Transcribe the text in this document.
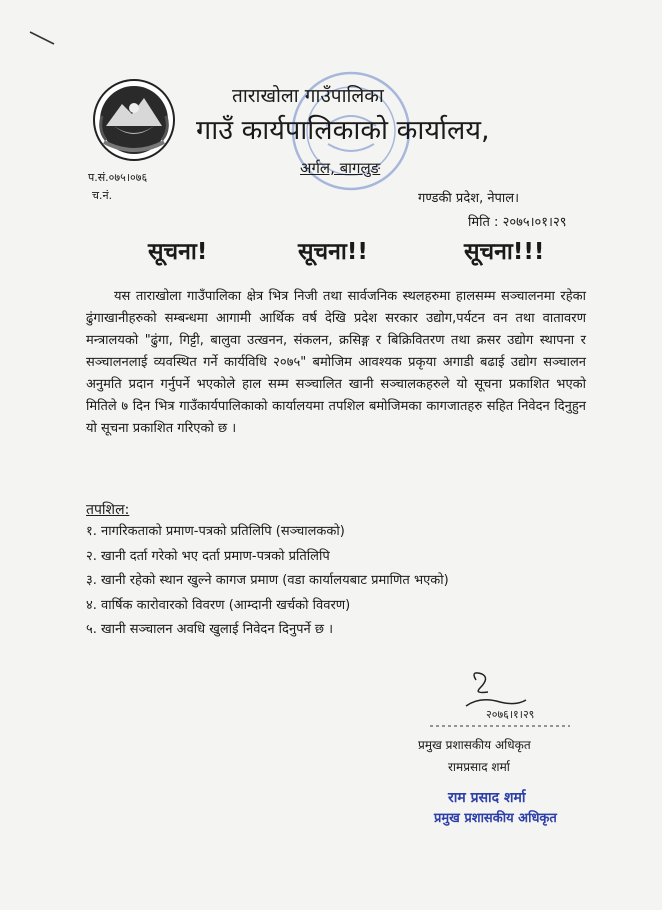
ताराखोला गाउँपालिका
गाउँ कार्यपालिकाको कार्यालय,
अर्गल, बागलुङ
प.सं.०७५।०७६
च.नं.	गण्डकी प्रदेश, नेपाल।
मिति : २०७५।०१।२९
सूचना!	सूचना!!	सूचना!!!
यस ताराखोला गाउँपालिका क्षेत्र भित्र निजी तथा सार्वजनिक स्थलहरुमा हालसम्म सञ्चालनमा रहेका ढुंगाखानीहरुको सम्बन्धमा आगामी आर्थिक वर्ष देखि प्रदेश सरकार उद्योग,पर्यटन वन तथा वातावरण मन्त्रालयको "ढुंगा, गिट्टी, बालुवा उत्खनन, संकलन, क्रसिङ्ग र बिक्रिवितरण तथा क्रसर उद्योग स्थापना र सञ्चालनलाई व्यवस्थित गर्ने कार्यविधि २०७५" बमोजिम आवश्यक प्रकृया अगाडी बढाई उद्योग सञ्चालन अनुमति प्रदान गर्नुपर्ने भएकोले हाल सम्म सञ्चालित खानी सञ्चालकहरुले यो सूचना प्रकाशित भएको मितिले ७ दिन भित्र गाउँकार्यपालिकाको कार्यालयमा तपशिल बमोजिमका कागजातहरु सहित निवेदन दिनुहुन यो सूचना प्रकाशित गरिएको छ ।
तपशिल:
१. नागरिकताको प्रमाण-पत्रको प्रतिलिपि (सञ्चालकको)
२. खानी दर्ता गरेको भए दर्ता प्रमाण-पत्रको प्रतिलिपि
३. खानी रहेको स्थान खुल्ने कागज प्रमाण (वडा कार्यालयबाट प्रमाणित भएको)
४. वार्षिक कारोवारको विवरण (आम्दानी खर्चको विवरण)
५. खानी सञ्चालन अवधि खुलाई निवेदन दिनुपर्ने छ ।
२०७६।१।२९
प्रमुख प्रशासकीय अधिकृत
रामप्रसाद शर्मा
राम प्रसाद शर्मा
प्रमुख प्रशासकीय अधिकृत
